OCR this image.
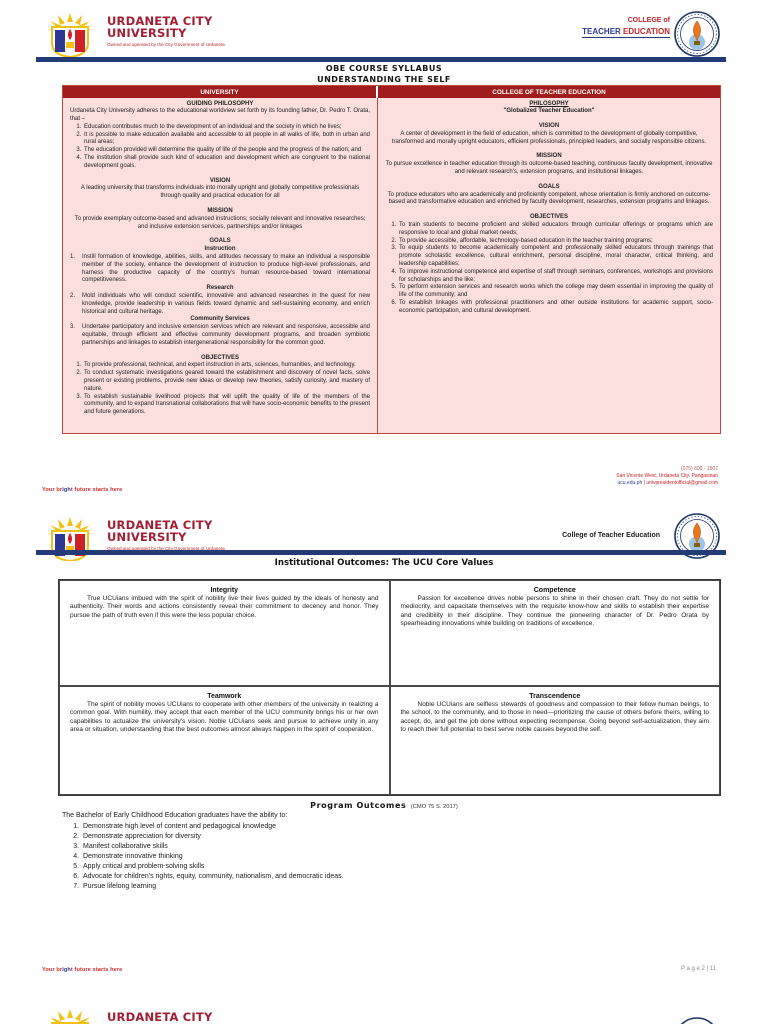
URDANETA CITY
UNIVERSITY
Owned and operated by the City Government of Urdaneta
COLLEGE of
TEACHER EDUCATION
OBE COURSE SYLLABUS
UNDERSTANDING THE SELF
UNIVERSITY	COLLEGE OF TEACHER EDUCATION
GUIDING PHILOSOPHY

Urdaneta City University adheres to the educational worldview set forth by its founding father, Dr. Pedro T. Orata, that –

1. Education contributes much to the development of an individual and the society in which he lives;
2. It is possible to make education available and accessible to all people in all walks of life, both in urban and rural areas;
3. The education provided will determine the quality of life of the people and the progress of the nation; and
4. The institution shall provide such kind of education and development which are congruent to the national development goals.
VISION

A leading university that transforms individuals into morally upright and globally competitive professionals through quality and practical education for all

MISSION

To provide exemplary outcome-based and advanced instructions; socially relevant and innovative researches; and inclusive extension services, partnerships and/or linkages

GOALS
Instruction
1.	Instill formation of knowledge, abilities, skills, and attitudes necessary to make an individual a responsible member of the society, enhance the development of instruction to produce high-level professionals, and harness the productive capacity of the country's human resource-based toward international competitiveness.
Research
2.	Mold individuals who will conduct scientific, innovative and advanced researches in the quest for new knowledge, provide leadership in various fields toward dynamic and self-sustaining economy, and enrich historical and cultural heritage.
Community Services
3.	Undertake participatory and inclusive extension services which are relevant and responsive, accessible and equitable, through efficient and effective community development programs, and broaden symbiotic partnerships and linkages to establish intergenerational responsibility for the common good.
OBJECTIVES
1. To provide professional, technical, and expert instruction in arts, sciences, humanities, and technology.
2. To conduct systematic investigations geared toward the establishment and discovery of novel facts, solve present or existing problems, provide new ideas or develop new theories, satisfy curiosity, and mastery of nature.
3. To establish sustainable livelihood projects that will uplift the quality of life of the members of the community, and to expand transnational collaborations that will have socio-economic benefits to the present and future generations.
PHILOSOPHY
"Globalized Teacher Education"
VISION

A center of development in the field of education, which is committed to the development of globally competitive, transformed and morally upright educators, efficient professionals, principled leaders, and socially responsible citizens.

MISSION

To pursue excellence in teacher education through its outcome-based teaching, continuous faculty development, innovative and relevant research's, extension programs, and institutional linkages.

GOALS

To produce educators who are academically and proficiently competent, whose orientation is firmly anchored on outcome-based and transformative education and enriched by faculty development, researches, extension programs and linkages.

OBJECTIVES
1. To train students to become proficient and skilled educators through curricular offerings or programs which are responsive to local and global market needs;
2. To provide accessible, affordable, technology-based education in the teacher training programs;
3. To equip students to become academically competent and professionally skilled educators through trainings that promote scholastic excellence, cultural enrichment, personal discipline, moral character, critical thinking, and leadership capabilities;
4. To improve instructional competence and expertise of staff through seminars, conferences, workshops and provisions for scholarships and the like;
5. To perform extension services and research works which the college may deem essential in improving the quality of life of the community; and
6. To establish linkages with professional practitioners and other outside institutions for academic support, socio-economic participation, and cultural development.
Your bright future starts here
(075) 600 - 1507
San Vicente West, Urdaneta City, Pangasinan
ucu.edu.ph | univpresidentofficial@gmail.com
URDANETA CITY
UNIVERSITY
Owned and operated by the City Government of Urdaneta
College of Teacher Education
Institutional Outcomes: The UCU Core Values

Integrity

True UCUians imbued with the spirit of nobility live their lives guided by the ideals of honesty and authenticity. Their words and actions consistently reveal their commitment to decency and honor. They pursue the path of truth even if this were the less popular choice.

Competence

Passion for excellence drives noble persons to shine in their chosen craft. They do not settle for mediocrity, and capacitate themselves with the requisite know-how and skills to establish their expertise and credibility in their discipline. They continue the pioneering character of Dr. Pedro Orata by spearheading innovations while building on traditions of excellence.

Teamwork

The spirit of nobility moves UCUians to cooperate with other members of the university in realizing a common goal. With humility, they accept that each member of the UCU community brings his or her own capabilities to actualize the university's vision. Noble UCUians seek and pursue to achieve unity in any area or situation, understanding that the best outcomes almost always happen in the spirit of cooperation.

Transcendence

Noble UCUians are selfless stewards of goodness and compassion to their fellow human beings, to the school, to the community, and to those in need—prioritizing the cause of others before theirs, willing to accept, do, and get the job done without expecting recompense. Going beyond self-actualization, they aim to reach their full potential to best serve noble causes beyond the self.

Program Outcomes (CMO 75 S. 2017)
The Bachelor of Early Childhood Education graduates have the ability to:
1. Demonstrate high level of content and pedagogical knowledge
2. Demonstrate appreciation for diversity
3. Manifest collaborative skills
4. Demonstrate innovative thinking
5. Apply critical and problem-solving skills
6. Advocate for children's rights, equity, community, nationalism, and democratic ideas.
7. Pursue lifelong learning
Your bright future starts here	P a g e 2 | 11
URDANETA CITY
